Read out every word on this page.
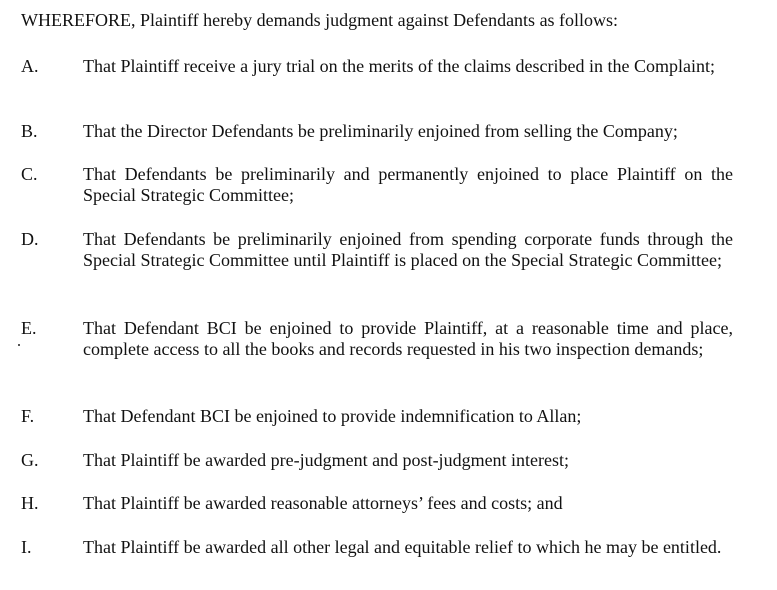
WHEREFORE, Plaintiff hereby demands judgment against Defendants as follows:
A. That Plaintiff receive a jury trial on the merits of the claims described in the Complaint;
B.	That the Director Defendants be preliminarily enjoined from selling the Company;
C.	That Defendants be preliminarily and permanently enjoined to place Plaintiff on the Special Strategic Committee;
D. That Defendants be preliminarily enjoined from spending corporate funds through the Special Strategic Committee until Plaintiff is placed on the Special Strategic Committee;
E.	That Defendant BCI be enjoined to provide Plaintiff, at a reasonable time and place, complete access to all the books and records requested in his two inspection demands;
F.	That Defendant BCI be enjoined to provide indemnification to Allan;
G. That Plaintiff be awarded pre-judgment and post-judgment interest;
H. That Plaintiff be awarded reasonable attorneys’ fees and costs; and
I.	That Plaintiff be awarded all other legal and equitable relief to which he may be entitled.
